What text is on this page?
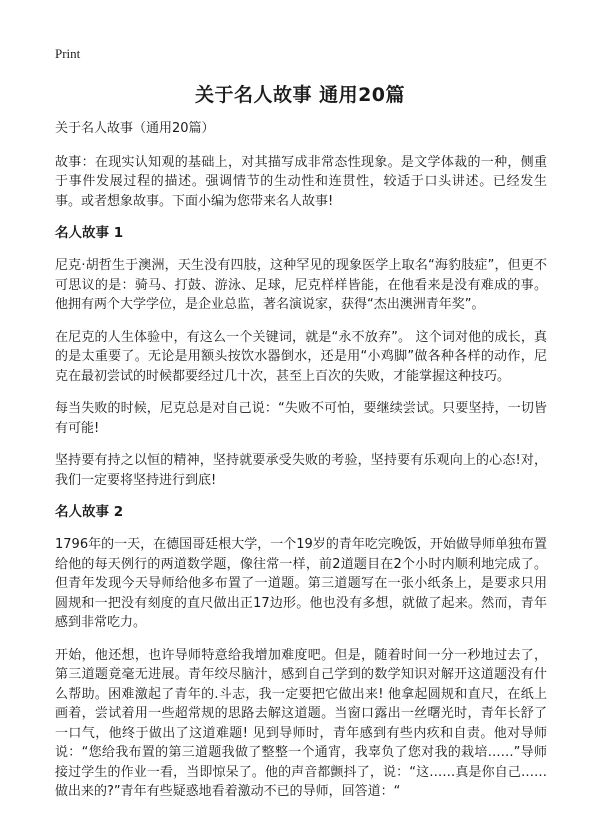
Print
关于名人故事 通用20篇

关于名人故事（通用20篇）

故事：在现实认知观的基础上，对其描写成非常态性现象。是文学体裁的一种，侧重于事件发展过程的描述。强调情节的生动性和连贯性，较适于口头讲述。已经发生事。或者想象故事。下面小编为您带来名人故事!

名人故事 1

尼克·胡哲生于澳洲，天生没有四肢，这种罕见的现象医学上取名“海豹肢症”，但更不可思议的是：骑马、打鼓、游泳、足球，尼克样样皆能，在他看来是没有难成的事。他拥有两个大学学位，是企业总监，著名演说家，获得“杰出澳洲青年奖”。

在尼克的人生体验中，有这么一个关键词，就是“永不放弃”。 这个词对他的成长，真的是太重要了。无论是用额头按饮水器倒水，还是用“小鸡脚”做各种各样的动作，尼克在最初尝试的时候都要经过几十次，甚至上百次的失败，才能掌握这种技巧。

每当失败的时候，尼克总是对自己说：“失败不可怕，要继续尝试。只要坚持，一切皆有可能!

坚持要有持之以恒的精神，坚持就要承受失败的考验，坚持要有乐观向上的心态!对，我们一定要将坚持进行到底!

名人故事 2

1796年的一天，在德国哥廷根大学，一个19岁的青年吃完晚饭，开始做导师单独布置给他的每天例行的两道数学题，像往常一样，前2道题目在2个小时内顺利地完成了。但青年发现今天导师给他多布置了一道题。第三道题写在一张小纸条上，是要求只用圆规和一把没有刻度的直尺做出正17边形。他也没有多想，就做了起来。然而，青年感到非常吃力。

开始，他还想，也许导师特意给我增加难度吧。但是，随着时间一分一秒地过去了，第三道题竟毫无进展。青年绞尽脑汁，感到自己学到的数学知识对解开这道题没有什么帮助。困难激起了青年的.斗志，我一定要把它做出来! 他拿起圆规和直尺，在纸上画着，尝试着用一些超常规的思路去解这道题。当窗口露出一丝曙光时，青年长舒了一口气，他终于做出了这道难题! 见到导师时，青年感到有些内疚和自责。他对导师说：“您给我布置的第三道题我做了整整一个通宵，我辜负了您对我的栽培……”导师接过学生的作业一看，当即惊呆了。他的声音都颤抖了，说：“这……真是你自己……做出来的?”青年有些疑惑地看着激动不已的导师，回答道：“
